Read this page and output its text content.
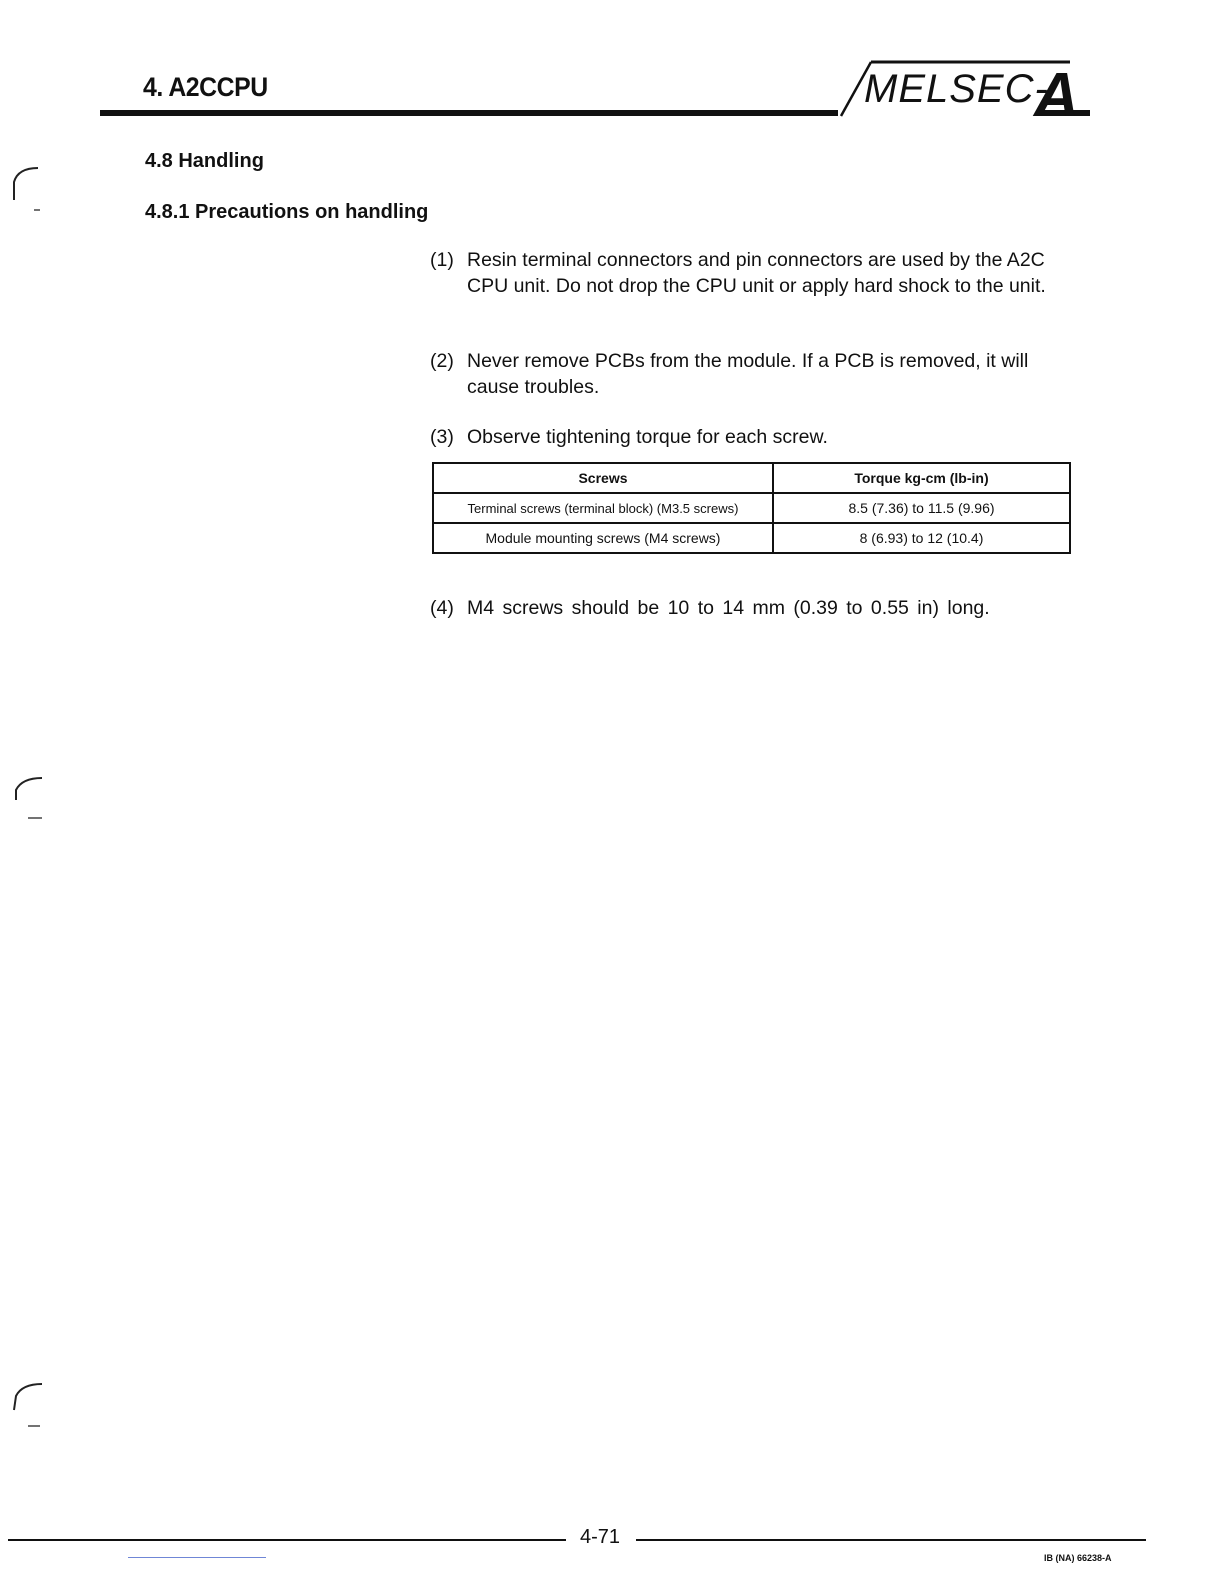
4. A2CCPU	MELSEC-
A
4.8 Handling
4.8.1 Precautions on handling
(1) Resin terminal connectors and pin connectors are used by the A2C CPU unit. Do not drop the CPU unit or apply hard shock to the unit.
(2) Never remove PCBs from the module. If a PCB is removed, it will cause troubles.
(3) Observe tightening torque for each screw.
Screws	Torque kg-cm (lb-in)
Terminal screws (terminal block) (M3.5 screws)	8.5 (7.36) to 11.5 (9.96)
Module mounting screws (M4 screws)	8 (6.93) to 12 (10.4)
(4) M4 screws should be 10 to 14 mm (0.39 to 0.55 in) long.
4-71
IB (NA) 66238-A
